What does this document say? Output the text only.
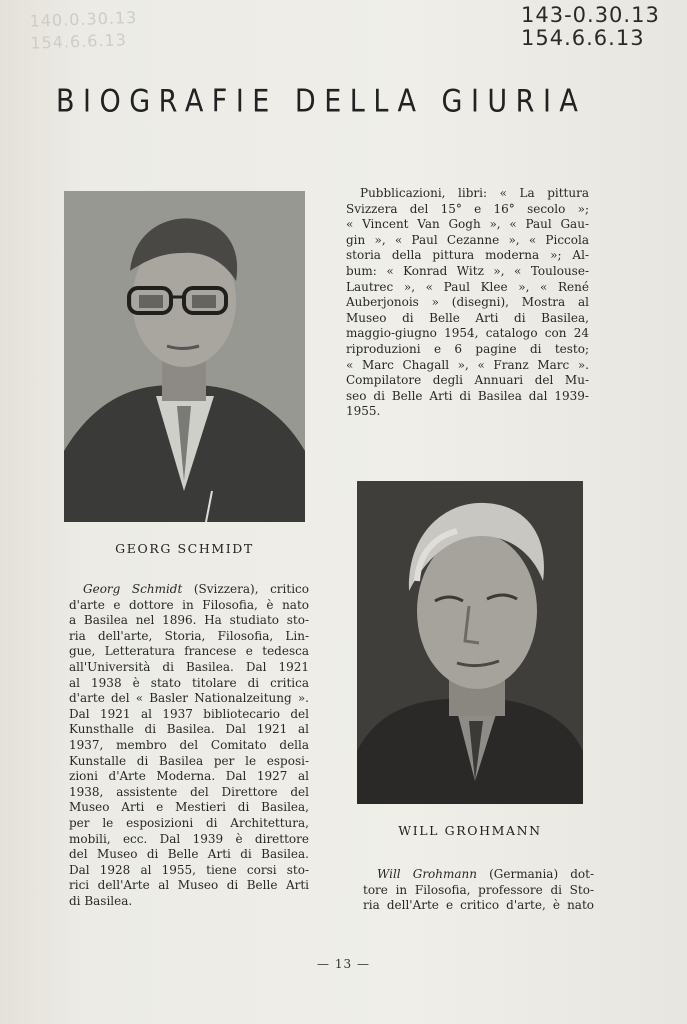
140.0.30.13
154.6.6.13
143-0.30.13
154.6.6.13
BIOGRAFIE DELLA GIURIA
GEORG SCHMIDT
Pubblicazioni, libri: « La pittura
Svizzera del 15° e 16° secolo »;
« Vincent Van Gogh », « Paul Gau-
gin », « Paul Cezanne », « Piccola
storia della pittura moderna »; Al-
bum: « Konrad Witz », « Toulouse-
Lautrec », « Paul Klee », « René
Auberjonois » (disegni), Mostra al
Museo di Belle Arti di Basilea,
maggio-giugno 1954, catalogo con 24
riproduzioni e 6 pagine di testo;
« Marc Chagall », « Franz Marc ».
Compilatore degli Annuari del Mu-
seo di Belle Arti di Basilea dal 1939-
1955.
WILL GROHMANN
Georg Schmidt (Svizzera), critico
d'arte e dottore in Filosofia, è nato
a Basilea nel 1896. Ha studiato sto-
ria dell'arte, Storia, Filosofia, Lin-
gue, Letteratura francese e tedesca
all'Università di Basilea. Dal 1921
al 1938 è stato titolare di critica
d'arte del « Basler Nationalzeitung ».
Dal 1921 al 1937 bibliotecario del
Kunsthalle di Basilea. Dal 1921 al
1937, membro del Comitato della
Kunstalle di Basilea per le esposi-
zioni d'Arte Moderna. Dal 1927 al
1938, assistente del Direttore del
Museo Arti e Mestieri di Basilea,
per le esposizioni di Architettura,
mobili, ecc. Dal 1939 è direttore
del Museo di Belle Arti di Basilea.
Dal 1928 al 1955, tiene corsi sto-
rici dell'Arte al Museo di Belle Arti
di Basilea.
Will Grohmann (Germania) dot-
tore in Filosofia, professore di Sto-
ria dell'Arte e critico d'arte, è nato
— 13 —
